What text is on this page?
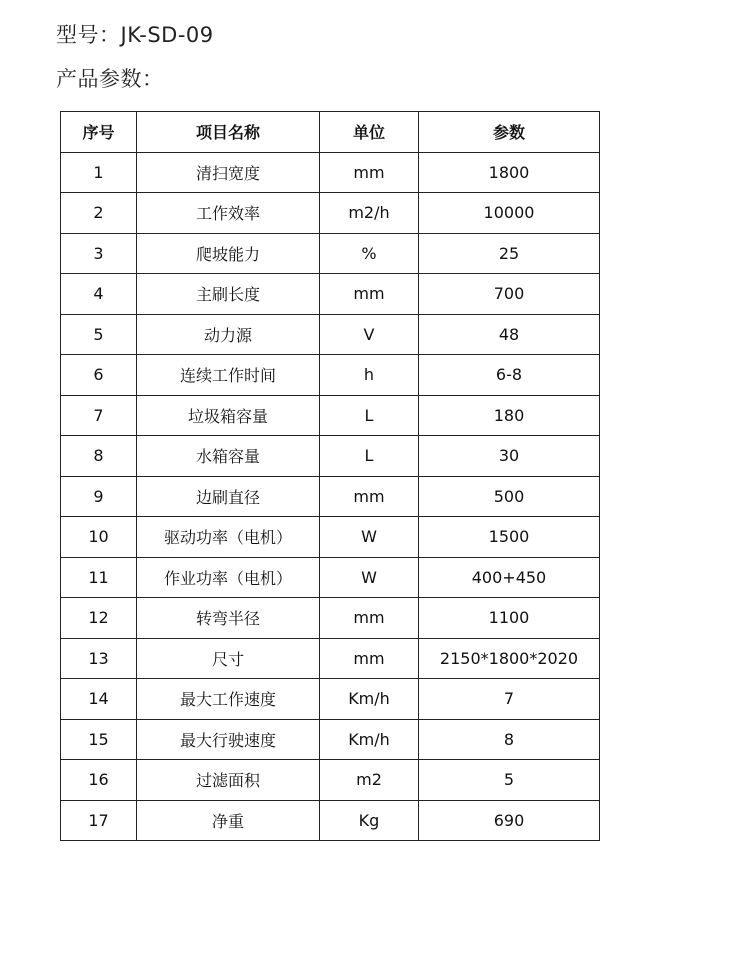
型号：JK-SD-09
产品参数：
序号	项目名称	单位	参数
1	清扫宽度	mm	1800
2	工作效率	m2/h	10000
3	爬坡能力	%	25
4	主刷长度	mm	700
5	动力源	V	48
6	连续工作时间	h	6-8
7	垃圾箱容量	L	180
8	水箱容量	L	30
9	边刷直径	mm	500
10	驱动功率（电机）	W	1500
11	作业功率（电机）	W	400+450
12	转弯半径	mm	1100
13	尺寸	mm	2150*1800*2020
14	最大工作速度	Km/h	7
15	最大行驶速度	Km/h	8
16	过滤面积	m2	5
17	净重	Kg	690
